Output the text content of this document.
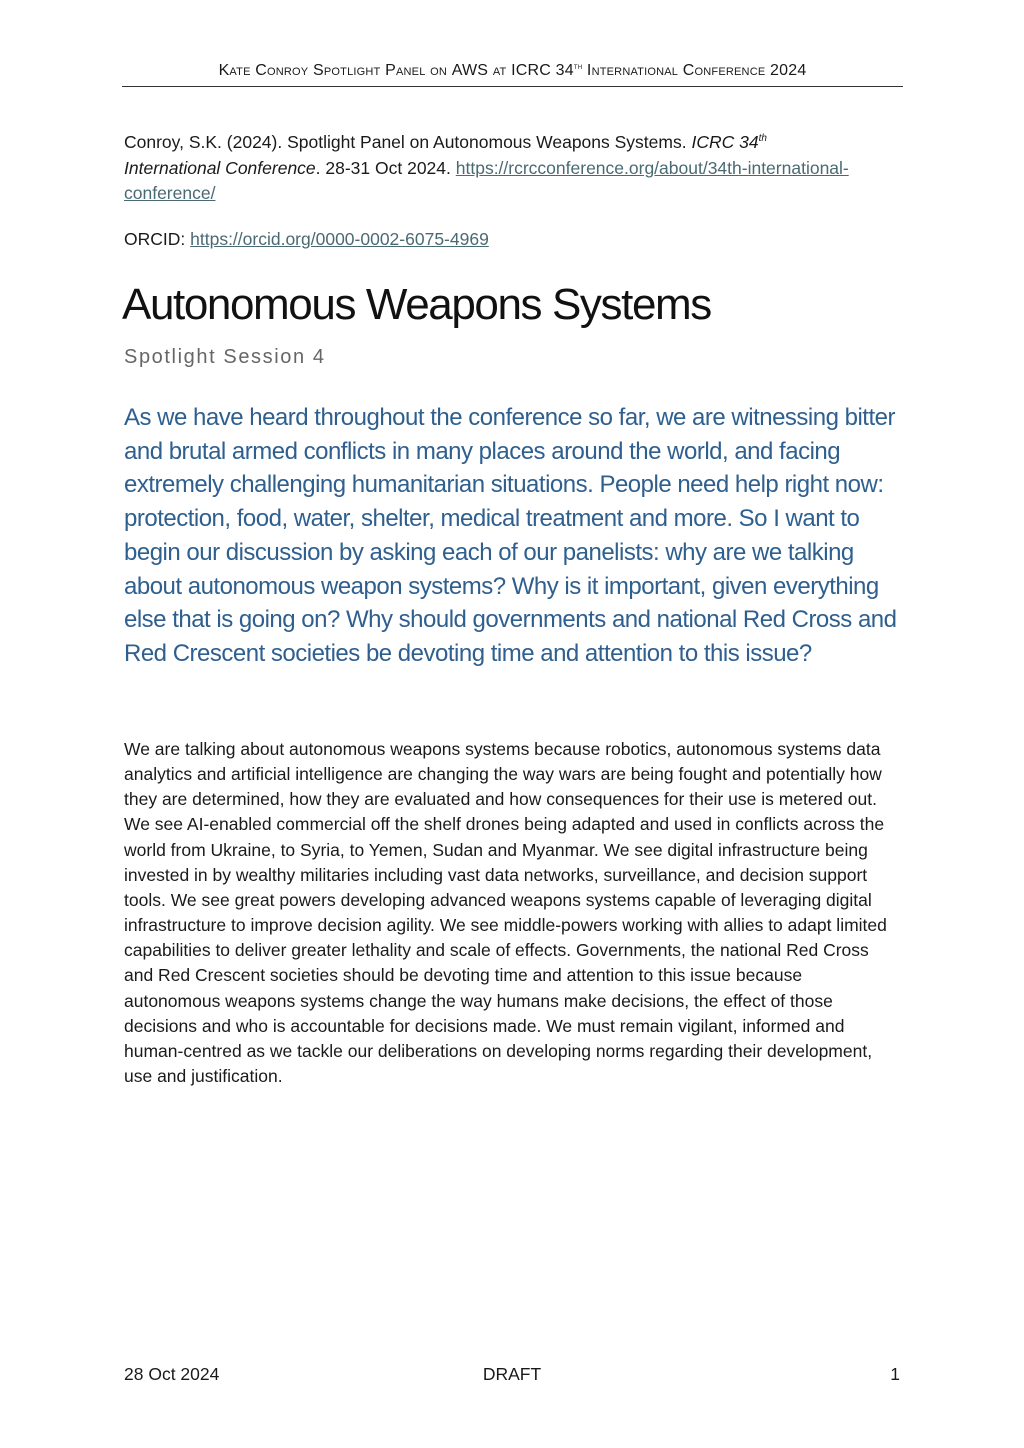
Kate Conroy Spotlight Panel on AWS at ICRC 34th International Conference 2024
Conroy, S.K. (2024). Spotlight Panel on Autonomous Weapons Systems. ICRC 34th
International Conference. 28-31 Oct 2024. https://rcrcconference.org/about/34th-international-conference/
ORCID: https://orcid.org/0000-0002-6075-4969
Autonomous Weapons Systems
Spotlight Session 4

As we have heard throughout the conference so far, we are witnessing bitter and brutal armed conflicts in many places around the world, and facing extremely challenging humanitarian situations. People need help right now: protection, food, water, shelter, medical treatment and more. So I want to begin our discussion by asking each of our panelists: why are we talking about autonomous weapon systems? Why is it important, given everything else that is going on? Why should governments and national Red Cross and Red Crescent societies be devoting time and attention to this issue?

We are talking about autonomous weapons systems because robotics, autonomous systems data analytics and artificial intelligence are changing the way wars are being fought and potentially how they are determined, how they are evaluated and how consequences for their use is metered out. We see AI-enabled commercial off the shelf drones being adapted and used in conflicts across the world from Ukraine, to Syria, to Yemen, Sudan and Myanmar. We see digital infrastructure being invested in by wealthy militaries including vast data networks, surveillance, and decision support tools. We see great powers developing advanced weapons systems capable of leveraging digital infrastructure to improve decision agility. We see middle-powers working with allies to adapt limited capabilities to deliver greater lethality and scale of effects. Governments, the national Red Cross and Red Crescent societies should be devoting time and attention to this issue because autonomous weapons systems change the way humans make decisions, the effect of those decisions and who is accountable for decisions made. We must remain vigilant, informed and human-centred as we tackle our deliberations on developing norms regarding their development, use and justification.

28 Oct 2024	DRAFT	1
